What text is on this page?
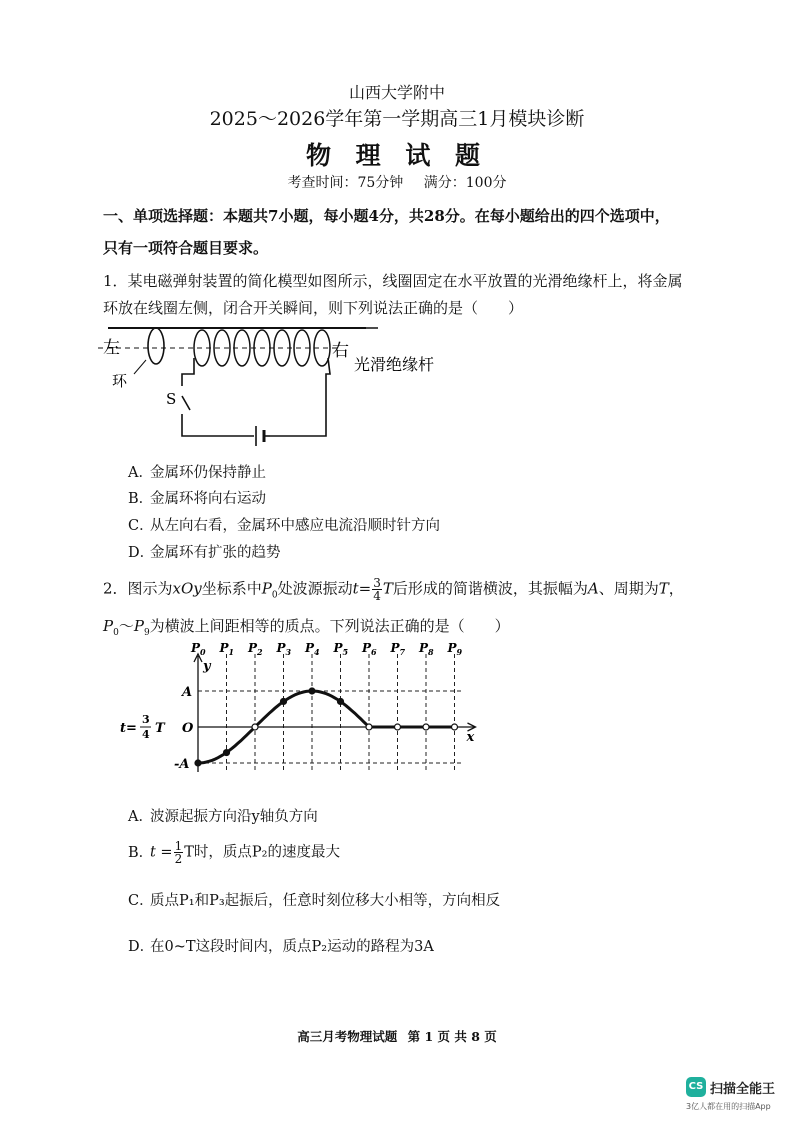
山西大学附中
2025～2026学年第一学期高三1月模块诊断
物 理 试 题
考查时间：75分钟 满分：100分
一、单项选择题：本题共7小题，每小题4分，共28分。在每小题给出的四个选项中，
只有一项符合题目要求。
1．某电磁弹射装置的简化模型如图所示，线圈固定在水平放置的光滑绝缘杆上，将金属
环放在线圈左侧，闭合开关瞬间，则下列说法正确的是（　　）
左	右
环
S
光滑绝缘杆
A．金属环仍保持静止
B．金属环将向右运动
C．从左向右看，金属环中感应电流沿顺时针方向
D．金属环有扩张的趋势
2．图示为xOy坐标系中$P_0$处波源振动$t= \frac{3}{4}$ T后形成的简谐横波，其振幅为A、周期为T，
$P_0\sim P_9$为横波上间距相等的质点。下列说法正确的是（　　）
$P_0$ $P_1$ $P_2$ $P_3$ $P_4$ $P_5$ $P_6$ $P_7$ $P_8$ $P_9$
y
x
A
O
-A
t=
3
4 T
A．波源起振方向沿y轴负方向
B．$t = \frac{1}{2}$ T时，质点P₂的速度最大
C．质点P₁和P₃起振后，任意时刻位移大小相等，方向相反
D．在0~T这段时间内，质点P₂运动的路程为3A
高三月考物理试题 第 1 页 共 8 页
CS 扫描全能王
3亿人都在用的扫描App
